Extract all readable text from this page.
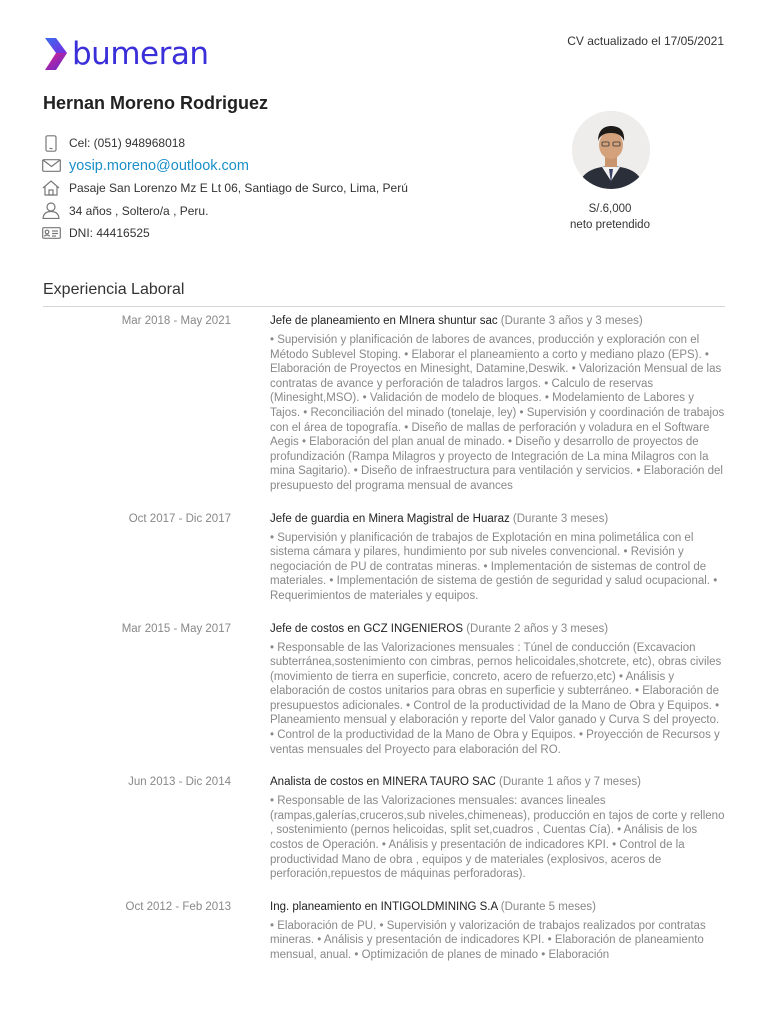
bumeran	CV actualizado el 17/05/2021
Hernan Moreno Rodriguez
Cel: (051) 948968018
yosip.moreno@outlook.com
Pasaje San Lorenzo Mz E Lt 06, Santiago de Surco, Lima, Perú
34 años , Soltero/a , Peru.
DNI: 44416525
S/.6,000
neto pretendido
Experiencia Laboral
Mar 2018 - May 2021	Jefe de planeamiento en MInera shuntur sac (Durante 3 años y 3 meses)
• Supervisión y planificación de labores de avances, producción y exploración con el Método Sublevel Stoping. • Elaborar el planeamiento a corto y mediano plazo (EPS). • Elaboración de Proyectos en Minesight, Datamine,Deswik. • Valorización Mensual de las contratas de avance y perforación de taladros largos. • Calculo de reservas (Minesight,MSO). • Validación de modelo de bloques. • Modelamiento de Labores y Tajos. • Reconciliación del minado (tonelaje, ley) • Supervisión y coordinación de trabajos con el área de topografía. • Diseño de mallas de perforación y voladura en el Software Aegis • Elaboración del plan anual de minado. • Diseño y desarrollo de proyectos de profundización (Rampa Milagros y proyecto de Integración de La mina Milagros con la mina Sagitario). • Diseño de infraestructura para ventilación y servicios. • Elaboración del presupuesto del programa mensual de avances
Oct 2017 - Dic 2017	Jefe de guardia en Minera Magistral de Huaraz (Durante 3 meses)
• Supervisión y planificación de trabajos de Explotación en mina polimetálica con el sistema cámara y pilares, hundimiento por sub niveles convencional. • Revisión y negociación de PU de contratas mineras. • Implementación de sistemas de control de materiales. • Implementación de sistema de gestión de seguridad y salud ocupacional. • Requerimientos de materiales y equipos.
Mar 2015 - May 2017	Jefe de costos en GCZ INGENIEROS (Durante 2 años y 3 meses)
• Responsable de las Valorizaciones mensuales : Túnel de conducción (Excavacion subterránea,sostenimiento con cimbras, pernos helicoidales,shotcrete, etc), obras civiles (movimiento de tierra en superficie, concreto, acero de refuerzo,etc) • Análisis y elaboración de costos unitarios para obras en superficie y subterráneo. • Elaboración de presupuestos adicionales. • Control de la productividad de la Mano de Obra y Equipos. • Planeamiento mensual y elaboración y reporte del Valor ganado y Curva S del proyecto. • Control de la productividad de la Mano de Obra y Equipos. • Proyección de Recursos y ventas mensuales del Proyecto para elaboración del RO.
Jun 2013 - Dic 2014	Analista de costos en MINERA TAURO SAC (Durante 1 años y 7 meses)
• Responsable de las Valorizaciones mensuales: avances lineales (rampas,galerías,cruceros,sub niveles,chimeneas), producción en tajos de corte y relleno , sostenimiento (pernos helicoidas, split set,cuadros , Cuentas Cía). • Análisis de los costos de Operación. • Análisis y presentación de indicadores KPI. • Control de la productividad Mano de obra , equipos y de materiales (explosivos, aceros de perforación,repuestos de máquinas perforadoras).
Oct 2012 - Feb 2013	Ing. planeamiento en INTIGOLDMINING S.A (Durante 5 meses)
• Elaboración de PU. • Supervisión y valorización de trabajos realizados por contratas mineras. • Análisis y presentación de indicadores KPI. • Elaboración de planeamiento mensual, anual. • Optimización de planes de minado • Elaboración
